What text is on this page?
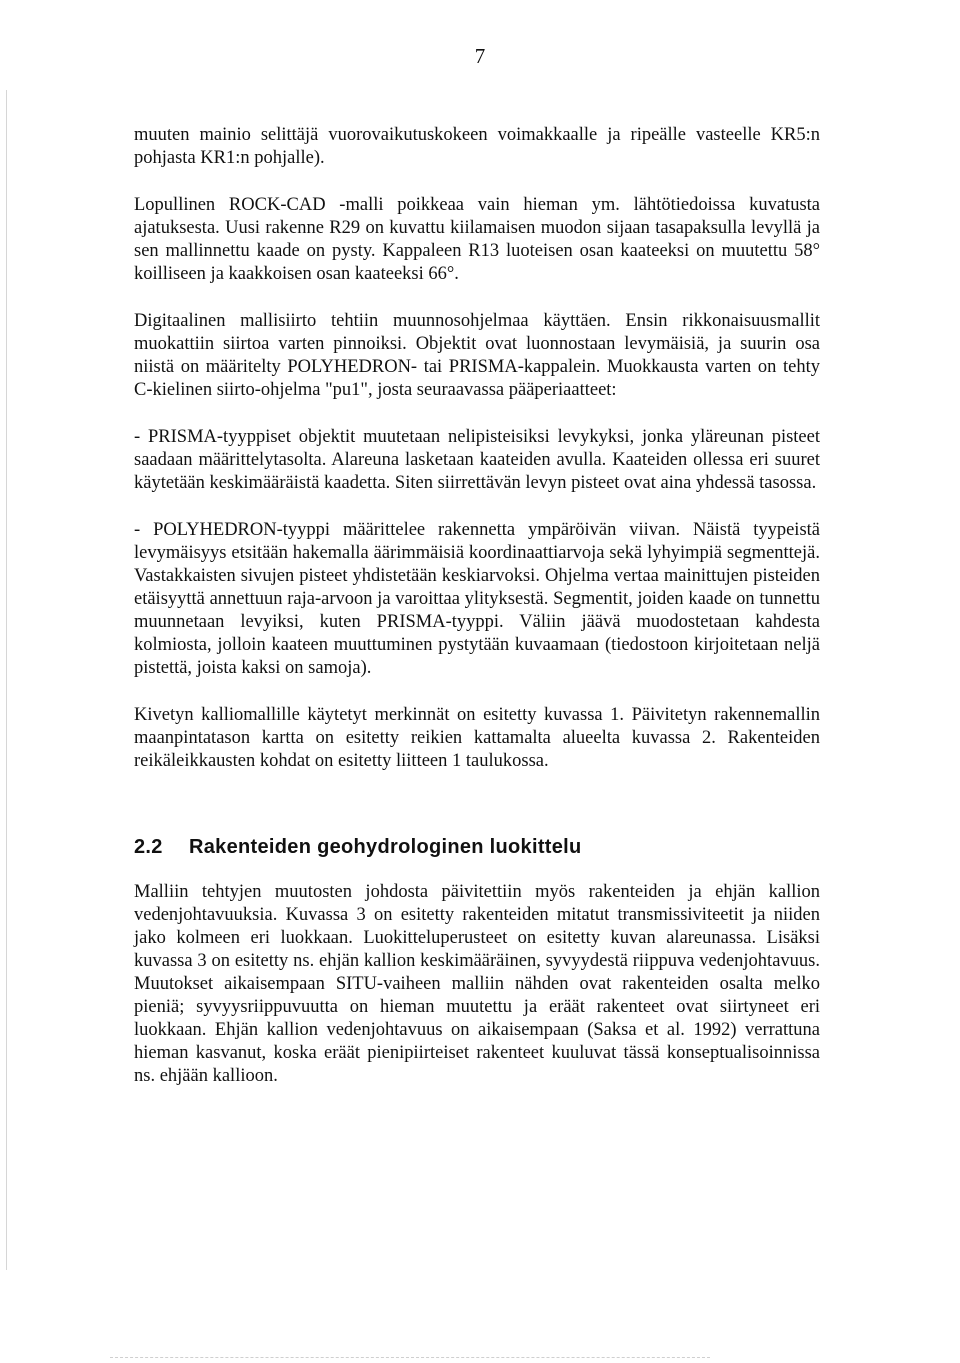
7

muuten mainio selittäjä vuorovaikutuskokeen voimakkaalle ja ripeälle vasteelle KR5:n pohjasta KR1:n pohjalle).

Lopullinen ROCK-CAD -malli poikkeaa vain hieman ym. lähtötiedoissa kuvatusta ajatuksesta. Uusi rakenne R29 on kuvattu kiilamaisen muodon sijaan tasapaksulla levyllä ja sen mallinnettu kaade on pysty. Kappaleen R13 luoteisen osan kaateeksi on muutettu 58° koilliseen ja kaakkoisen osan kaateeksi 66°.

Digitaalinen mallisiirto tehtiin muunnosohjelmaa käyttäen. Ensin rikkonaisuusmallit muokattiin siirtoa varten pinnoiksi. Objektit ovat luonnostaan levymäisiä, ja suurin osa niistä on määritelty POLYHEDRON- tai PRISMA-kappalein. Muokkausta varten on tehty C-kielinen siirto-ohjelma "pu1", josta seuraavassa pääperiaatteet:

- PRISMA-tyyppiset objektit muutetaan nelipisteisiksi levykyksi, jonka yläreunan pisteet saadaan määrittelytasolta. Alareuna lasketaan kaateiden avulla. Kaateiden ollessa eri suuret käytetään keskimääräistä kaadetta. Siten siirrettävän levyn pisteet ovat aina yhdessä tasossa.

- POLYHEDRON-tyyppi määrittelee rakennetta ympäröivän viivan. Näistä tyypeistä levymäisyys etsitään hakemalla äärimmäisiä koordinaattiarvoja sekä lyhyimpiä segmenttejä. Vastakkaisten sivujen pisteet yhdistetään keskiarvoksi. Ohjelma vertaa mainittujen pisteiden etäisyyttä annettuun raja-arvoon ja varoittaa ylityksestä. Segmentit, joiden kaade on tunnettu muunnetaan levyiksi, kuten PRISMA-tyyppi. Väliin jäävä muodostetaan kahdesta kolmiosta, jolloin kaateen muuttuminen pystytään kuvaamaan (tiedostoon kirjoitetaan neljä pistettä, joista kaksi on samoja).

Kivetyn kalliomallille käytetyt merkinnät on esitetty kuvassa 1. Päivitetyn rakennemallin maanpintatason kartta on esitetty reikien kattamalta alueelta kuvassa 2. Rakenteiden reikäleikkausten kohdat on esitetty liitteen 1 taulukossa.

2.2	Rakenteiden geohydrologinen luokittelu

Malliin tehtyjen muutosten johdosta päivitettiin myös rakenteiden ja ehjän kallion vedenjohtavuuksia. Kuvassa 3 on esitetty rakenteiden mitatut transmissiviteetit ja niiden jako kolmeen eri luokkaan. Luokitteluperusteet on esitetty kuvan alareunassa. Lisäksi kuvassa 3 on esitetty ns. ehjän kallion keskimääräinen, syvyydestä riippuva vedenjohtavuus. Muutokset aikaisempaan SITU-vaiheen malliin nähden ovat rakenteiden osalta melko pieniä; syvyysriippuvuutta on hieman muutettu ja eräät rakenteet ovat siirtyneet eri luokkaan. Ehjän kallion vedenjohtavuus on aikaisempaan (Saksa et al. 1992) verrattuna hieman kasvanut, koska eräät pienipiirteiset rakenteet kuuluvat tässä konseptualisoinnissa ns. ehjään kallioon.
